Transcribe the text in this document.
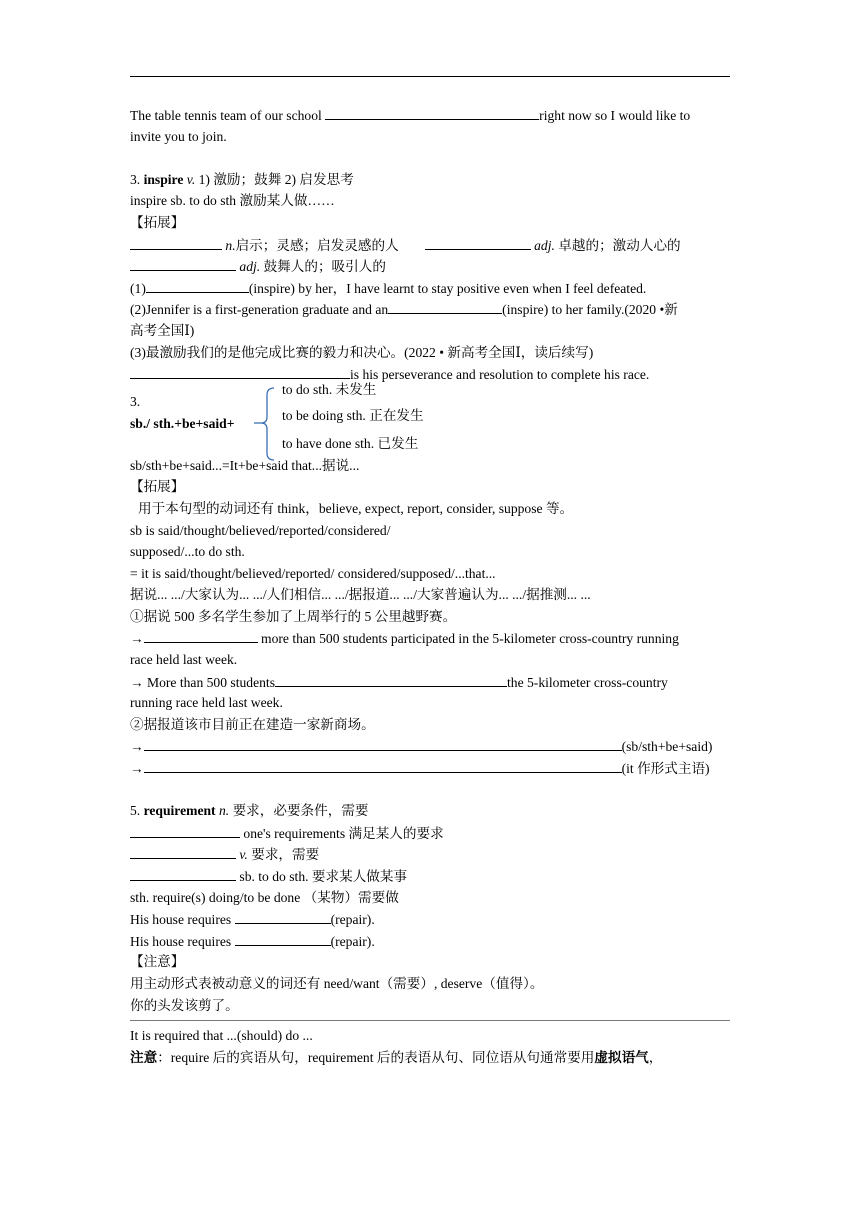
The table tennis team of our school	right now so I would like to
invite you to join.
3. inspire v. 1) 激励；鼓舞 2) 启发思考
inspire sb. to do sth 激励某人做……
【拓展】
n.启示；灵感；启发灵感的人	adj. 卓越的；激动人心的
adj. 鼓舞人的；吸引人的
(1)	(inspire) by her，I have learnt to stay positive even when I feel defeated.
(2)Jennifer is a first-generation graduate and an	(inspire) to her family.(2020 •新
高考全国Ⅰ)
(3)最激励我们的是他完成比赛的毅力和决心。(2022 • 新高考全国Ⅰ，读后续写)
is his perseverance and resolution to complete his race.
3.
sb./ sth.+be+said+
to do sth. 未发生
to be doing sth. 正在发生
to have done sth. 已发生
sb/sth+be+said...=It+be+said that...据说...
【拓展】
用于本句型的动词还有 think，believe, expect, report, consider, suppose 等。
sb is said/thought/believed/reported/considered/
supposed/...to do sth.
= it is said/thought/believed/reported/ considered/supposed/...that...
据说... .../大家认为... .../人们相信... .../据报道... .../大家普遍认为... .../据推测... ...
①据说 500 多名学生参加了上周举行的 5 公里越野赛。
→	more than 500 students participated in the 5-kilometer cross-country running
race held last week.
→ More than 500 students	the 5-kilometer cross-country
running race held last week.
②据报道该市目前正在建造一家新商场。
→	(sb/sth+be+said)
→	(it 作形式主语)
5. requirement n. 要求，必要条件，需要
one's requirements 满足某人的要求
v. 要求，需要
sb. to do sth. 要求某人做某事
sth. require(s) doing/to be done （某物）需要做
His house requires	(repair).
His house requires	(repair).
【注意】
用主动形式表被动意义的词还有 need/want（需要）, deserve（值得）。
你的头发该剪了。
It is required that ...(should) do ...
注意：require 后的宾语从句，requirement 后的表语从句、同位语从句通常要用虚拟语气，
